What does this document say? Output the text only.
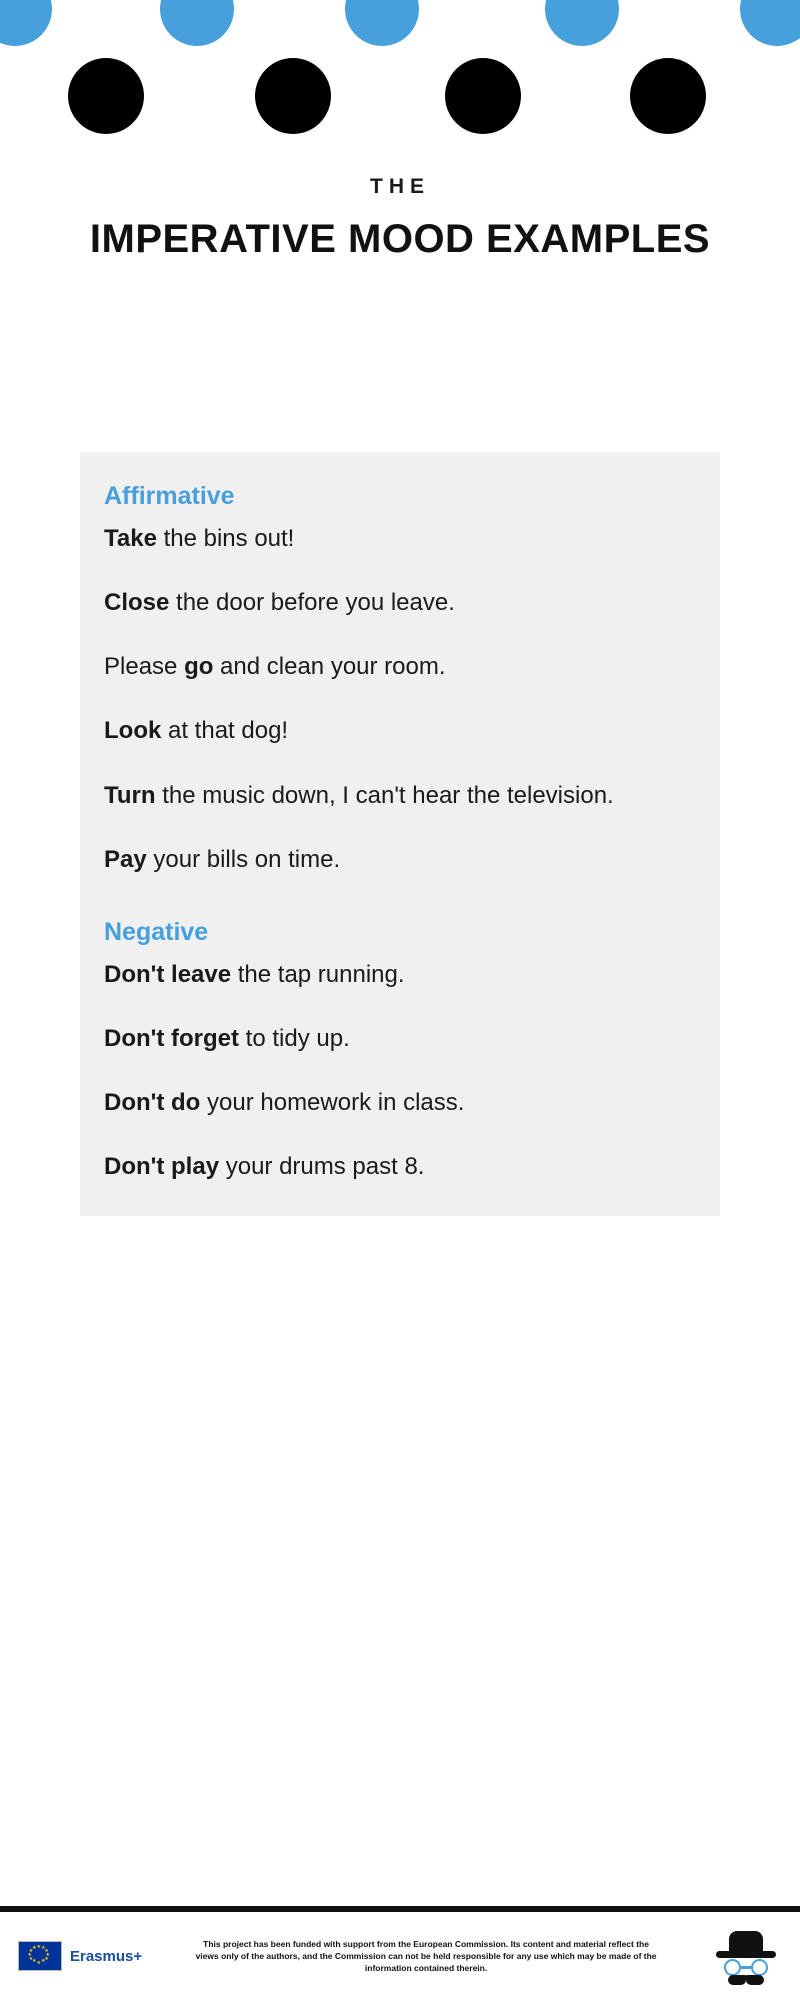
THE
IMPERATIVE MOOD EXAMPLES
Affirmative
Take the bins out!
Close the door before you leave.
Please go and clean your room.
Look at that dog!
Turn the music down, I can't hear the television.
Pay your bills on time.
Negative
Don't leave the tap running.
Don't forget to tidy up.
Don't do your homework in class.
Don't play your drums past 8.
★ ★
★
★
★
★
★
★
★
★
★
★ Erasmus+
This project has been funded with support from the European Commission. Its content and material reflect the views only of the authors, and the Commission can not be held responsible for any use which may be made of the information contained therein.
